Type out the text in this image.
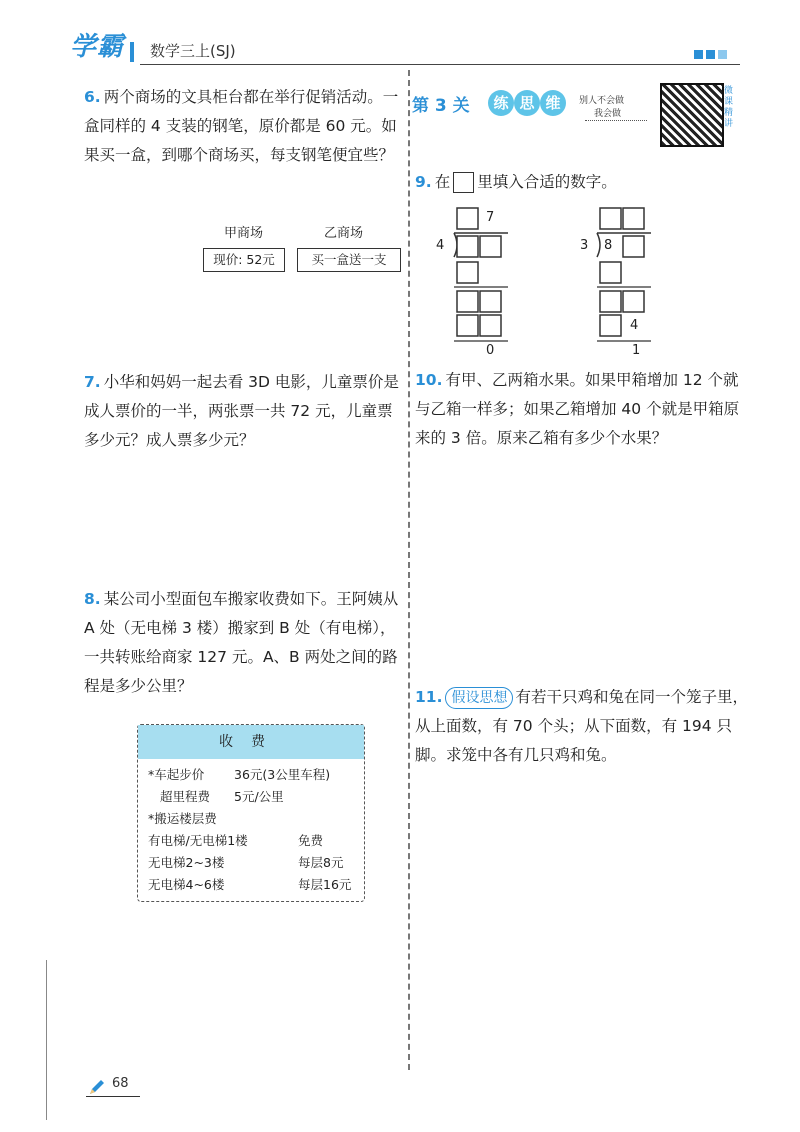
学霸 数学三上(SJ)
6. 两个商场的文具柜台都在举行促销活动。一盒同样的 4 支装的钢笔，原价都是 60 元。如果买一盒，到哪个商场买，每支钢笔便宜些？
甲商场	乙商场
现价: 52元	买一盒送一支
7. 小华和妈妈一起去看 3D 电影，儿童票价是成人票价的一半，两张票一共 72 元，儿童票多少元？成人票多少元？
8. 某公司小型面包车搬家收费如下。王阿姨从 A 处（无电梯 3 楼）搬家到 B 处（有电梯），一共转账给商家 127 元。A、B 两处之间的路程是多少公里？
收费
*车起步价 36元(3公里车程)
超里程费 5元/公里
*搬运楼层费
有电梯/无电梯1楼	免费
无电梯2~3楼	每层8元
无电梯4~6楼	每层16元
第 3 关	练 思 维	别人不会做
我会做
微课精讲
9. 在 里填入合适的数字。
4
7
0
3 8
4
1
10. 有甲、乙两箱水果。如果甲箱增加 12 个就与乙箱一样多；如果乙箱增加 40 个就是甲箱原来的 3 倍。原来乙箱有多少个水果？
11. 假设思想 有若干只鸡和兔在同一个笼子里，从上面数，有 70 个头；从下面数，有 194 只脚。求笼中各有几只鸡和兔。
68
